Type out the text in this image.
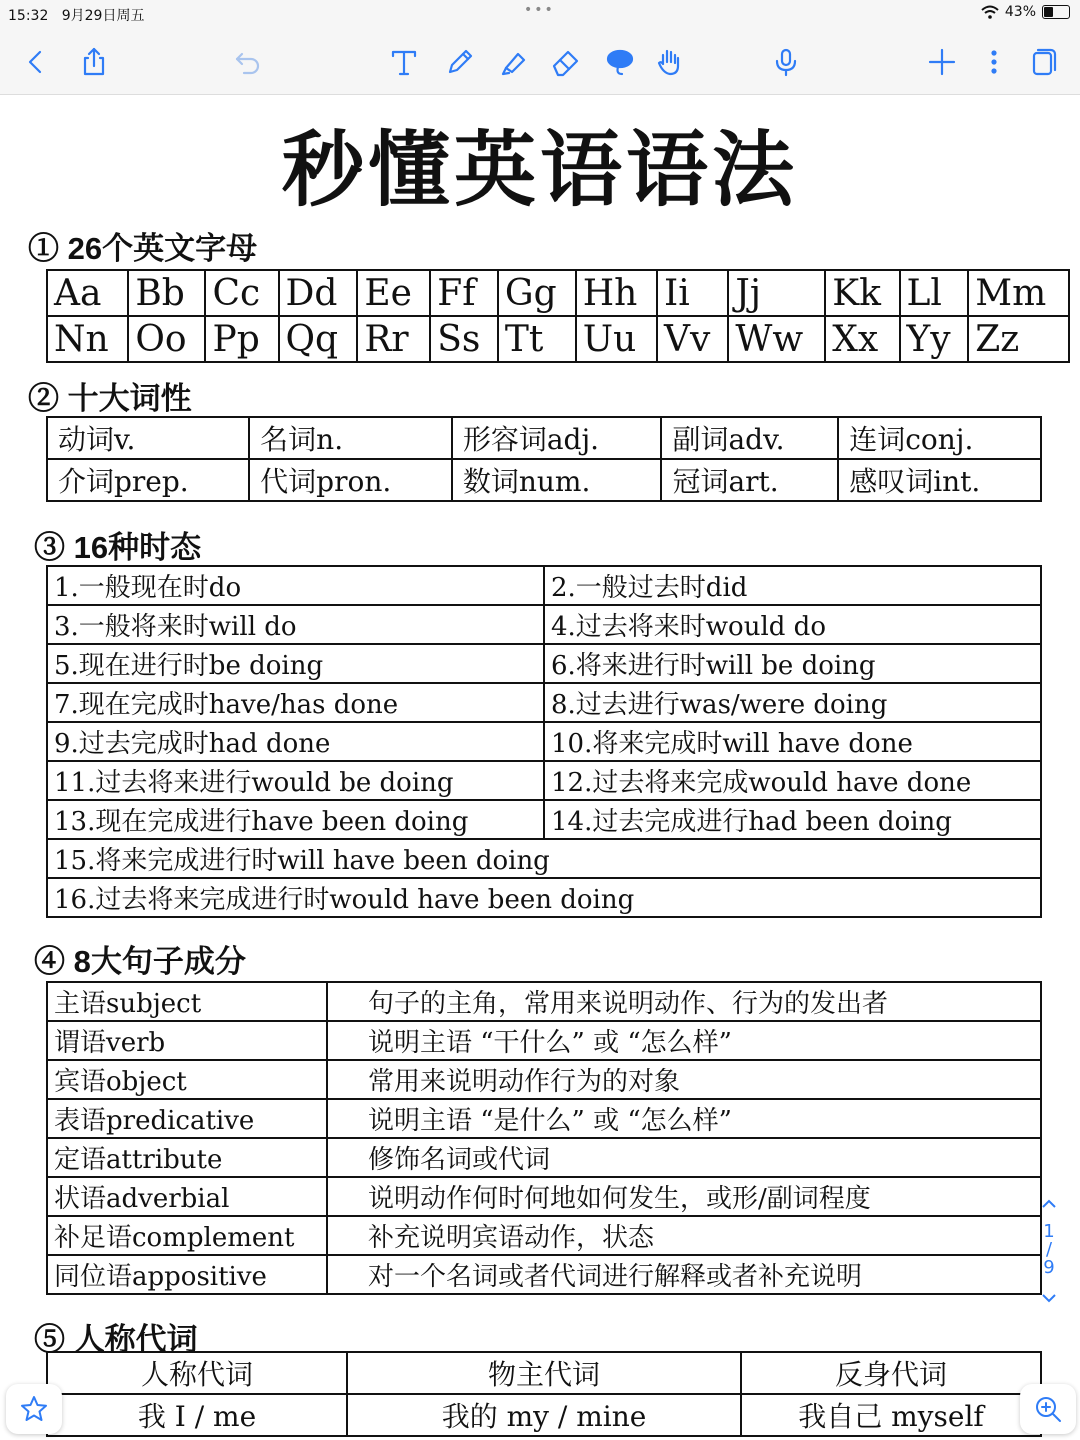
15:32 9月29日周五	•••	43%
秒懂英语语法
① 26个英文字母
Aa	Bb	Cc	Dd	Ee	Ff	Gg	Hh	Ii	Jj	Kk	Ll	Mm
Nn	Oo	Pp	Qq	Rr	Ss	Tt	Uu	Vv	Ww	Xx	Yy	Zz
② 十大词性
动词v.	名词n.	形容词adj.	副词adv.	连词conj.
介词prep.	代词pron.	数词num.	冠词art.	感叹词int.
③ 16种时态
1.一般现在时do	2.一般过去时did
3.一般将来时will do	4.过去将来时would do
5.现在进行时be doing	6.将来进行时will be doing
7.现在完成时have/has done	8.过去进行was/were doing
9.过去完成时had done	10.将来完成时will have done
11.过去将来进行would be doing	12.过去将来完成would have done
13.现在完成进行have been doing	14.过去完成进行had been doing
15.将来完成进行时will have been doing	
16.过去将来完成进行时would have been doing	
④ 8大句子成分
主语subject	句子的主角，常用来说明动作、行为的发出者
谓语verb	说明主语 “干什么” 或 “怎么样”
宾语object	常用来说明动作行为的对象
表语predicative	说明主语 “是什么” 或 “怎么样”
定语attribute	修饰名词或代词
状语adverbial	说明动作何时何地如何发生，或形/副词程度
补足语complement	补充说明宾语动作，状态
同位语appositive	对一个名词或者代词进行解释或者补充说明
⑤ 人称代词
人称代词	物主代词	反身代词
我 I / me	我的 my / mine	我自己 myself
1
/
9
